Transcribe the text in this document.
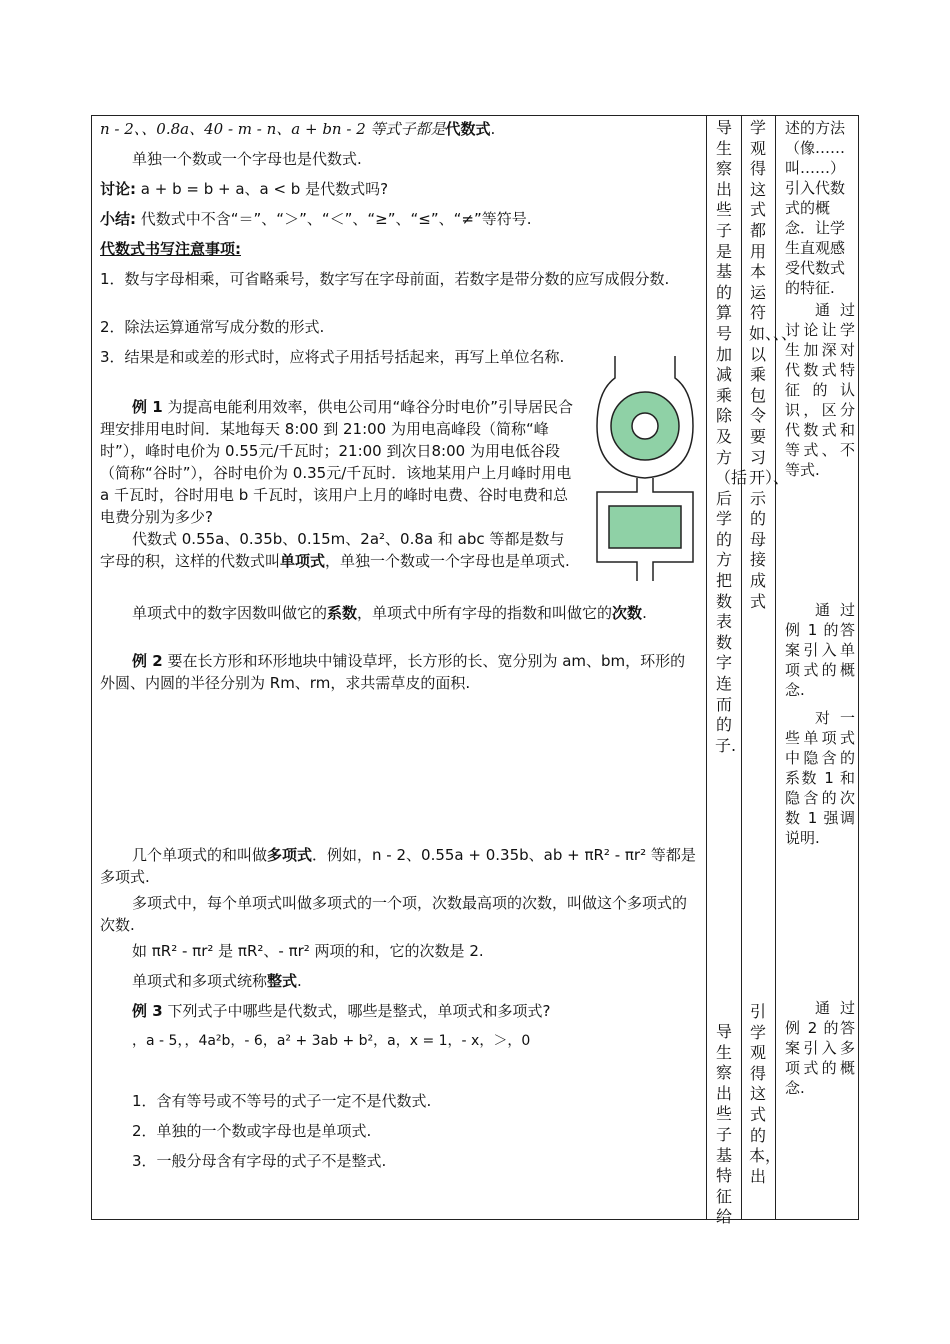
n - 2、、0.8a、40 - m - n、a + bn - 2 等式子都是代数式.
单独一个数或一个字母也是代数式.
讨论: a + b = b + a、a < b 是代数式吗?
小结: 代数式中不含“＝”、“＞”、“＜”、“≥”、“≤”、“≠”等符号.
代数式书写注意事项:
1．数与字母相乘，可省略乘号，数字写在字母前面，若数字是带分数的应写成假分数.
2．除法运算通常写成分数的形式.
3．结果是和或差的形式时，应将式子用括号括起来，再写上单位名称.
例 1 为提高电能利用效率，供电公司用“峰谷分时电价”引导居民合理安排用电时间．某地每天 8:00 到 21:00 为用电高峰段（简称“峰时”），峰时电价为 0.55元/千瓦时；21:00 到次日8:00 为用电低谷段（简称“谷时”），谷时电价为 0.35元/千瓦时．该地某用户上月峰时用电 a 千瓦时，谷时用电 b 千瓦时，该用户上月的峰时电费、谷时电费和总电费分别为多少?
代数式 0.55a、0.35b、0.15m、2a²、0.8a 和 abc 等都是数与字母的积，这样的代数式叫单项式，单独一个数或一个字母也是单项式.
单项式中的数字因数叫做它的系数，单项式中所有字母的指数和叫做它的次数.
例 2 要在长方形和环形地块中铺设草坪，长方形的长、宽分别为 am、bm，环形的外圆、内圆的半径分别为 Rm、rm，求共需草皮的面积.
几个单项式的和叫做多项式．例如，n - 2、0.55a + 0.35b、ab + πR² - πr² 等都是多项式.
多项式中，每个单项式叫做多项式的一个项，次数最高项的次数，叫做这个多项式的次数.
如 πR² - πr² 是 πR²、- πr² 两项的和，它的次数是 2.
单项式和多项式统称整式.
例 3 下列式子中哪些是代数式，哪些是整式，单项式和多项式?
，a - 5，，4a²b，- 6，a² + 3ab + b²，a，x = 1，- x，＞，0
1．含有等号或不等号的式子一定不是代数式.
2．单独的一个数或字母也是单项式.
3．一般分母含有字母的式子不是整式.
导生察出些子是基的算号加减乘除及方（括后学的方把数表数字连而的子.
学观得这式都用本运符如、、、以乘 包令要习开）、示的母接成式
导生察出些子基特征给
引学观得这式的本，出
述的方法（像……叫……）引入代数式的概念．让学生直观感受代数式的特征.
通过讨论让学生加深对代数式特征的认识，区分代数式和等式、不等式.
通过例 1 的答案引入单项式的概念.
对一些单项式中隐含的系数 1 和隐含的次数 1 强调说明.
通过例 2 的答案引入多项式的概念.
